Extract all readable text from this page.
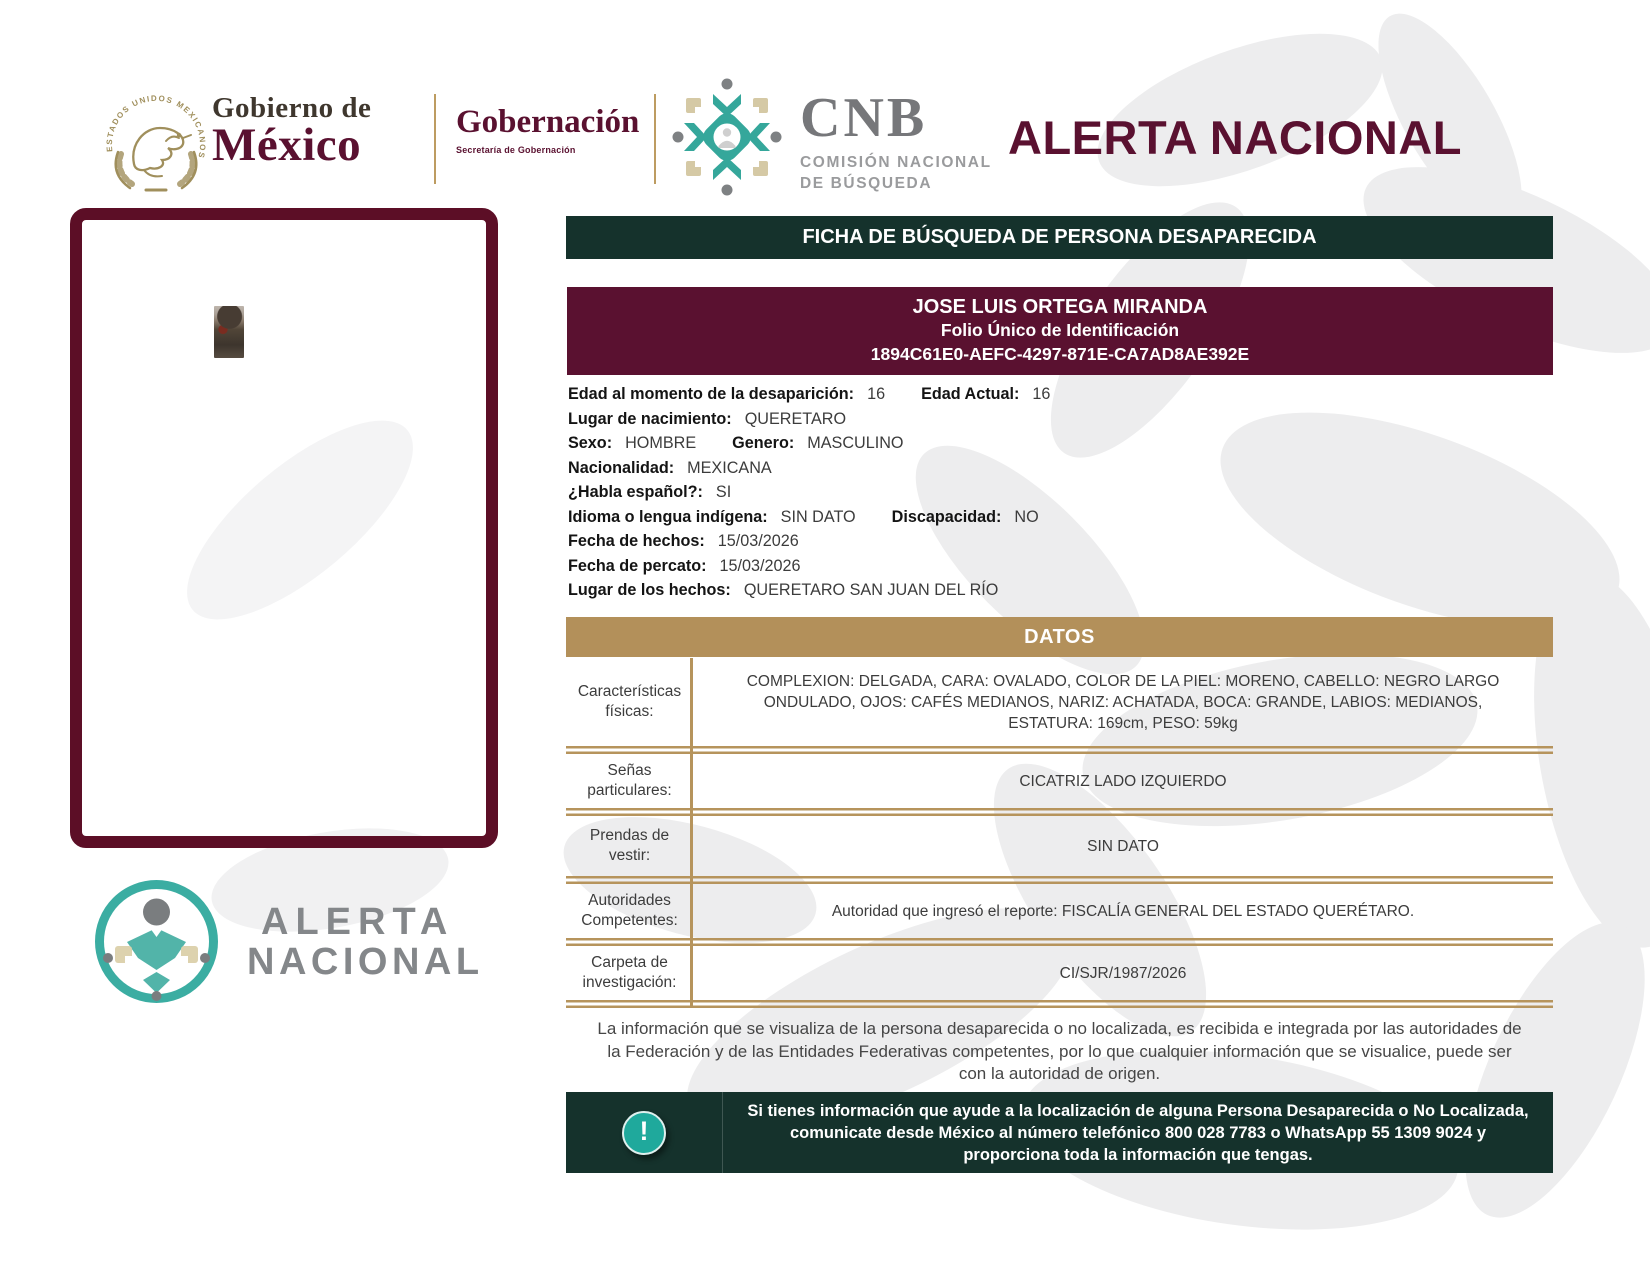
ESTADOS UNIDOS MEXICANOS
Gobierno de
México	Gobernación
Secretaría de Gobernación
CNB
COMISIÓN NACIONAL
DE BÚSQUEDA
ALERTA NACIONAL
FICHA DE BÚSQUEDA DE PERSONA DESAPARECIDA
JOSE LUIS ORTEGA MIRANDA
Folio Único de Identificación
1894C61E0-AEFC-4297-871E-CA7AD8AE392E
Edad al momento de la desaparición: 16 Edad Actual: 16
Lugar de nacimiento: QUERETARO
Sexo: HOMBRE Genero: MASCULINO
Nacionalidad: MEXICANA
¿Habla español?: SI
Idioma o lengua indígena: SIN DATO Discapacidad: NO
Fecha de hechos: 15/03/2026
Fecha de percato: 15/03/2026
Lugar de los hechos: QUERETARO SAN JUAN DEL RÍO
DATOS
Características físicas:
COMPLEXION: DELGADA, CARA: OVALADO, COLOR DE LA PIEL: MORENO, CABELLO: NEGRO LARGO ONDULADO, OJOS: CAFÉS MEDIANOS, NARIZ: ACHATADA, BOCA: GRANDE, LABIOS: MEDIANOS, ESTATURA: 169cm, PESO: 59kg
Señas particulares:
CICATRIZ LADO IZQUIERDO
Prendas de vestir:
SIN DATO
Autoridades Competentes:
Autoridad que ingresó el reporte: FISCALÍA GENERAL DEL ESTADO QUERÉTARO.
Carpeta de investigación:
CI/SJR/1987/2026
La información que se visualiza de la persona desaparecida o no localizada, es recibida e integrada por las autoridades de
la Federación y de las Entidades Federativas competentes, por lo que cualquier información que se visualice, puede ser
con la autoridad de origen.
!
Si tienes información que ayude a la localización de alguna Persona Desaparecida o No Localizada,
comunicate desde México al número telefónico 800 028 7783 o WhatsApp 55 1309 9024 y
proporciona toda la información que tengas.
ALERTA
NACIONAL
